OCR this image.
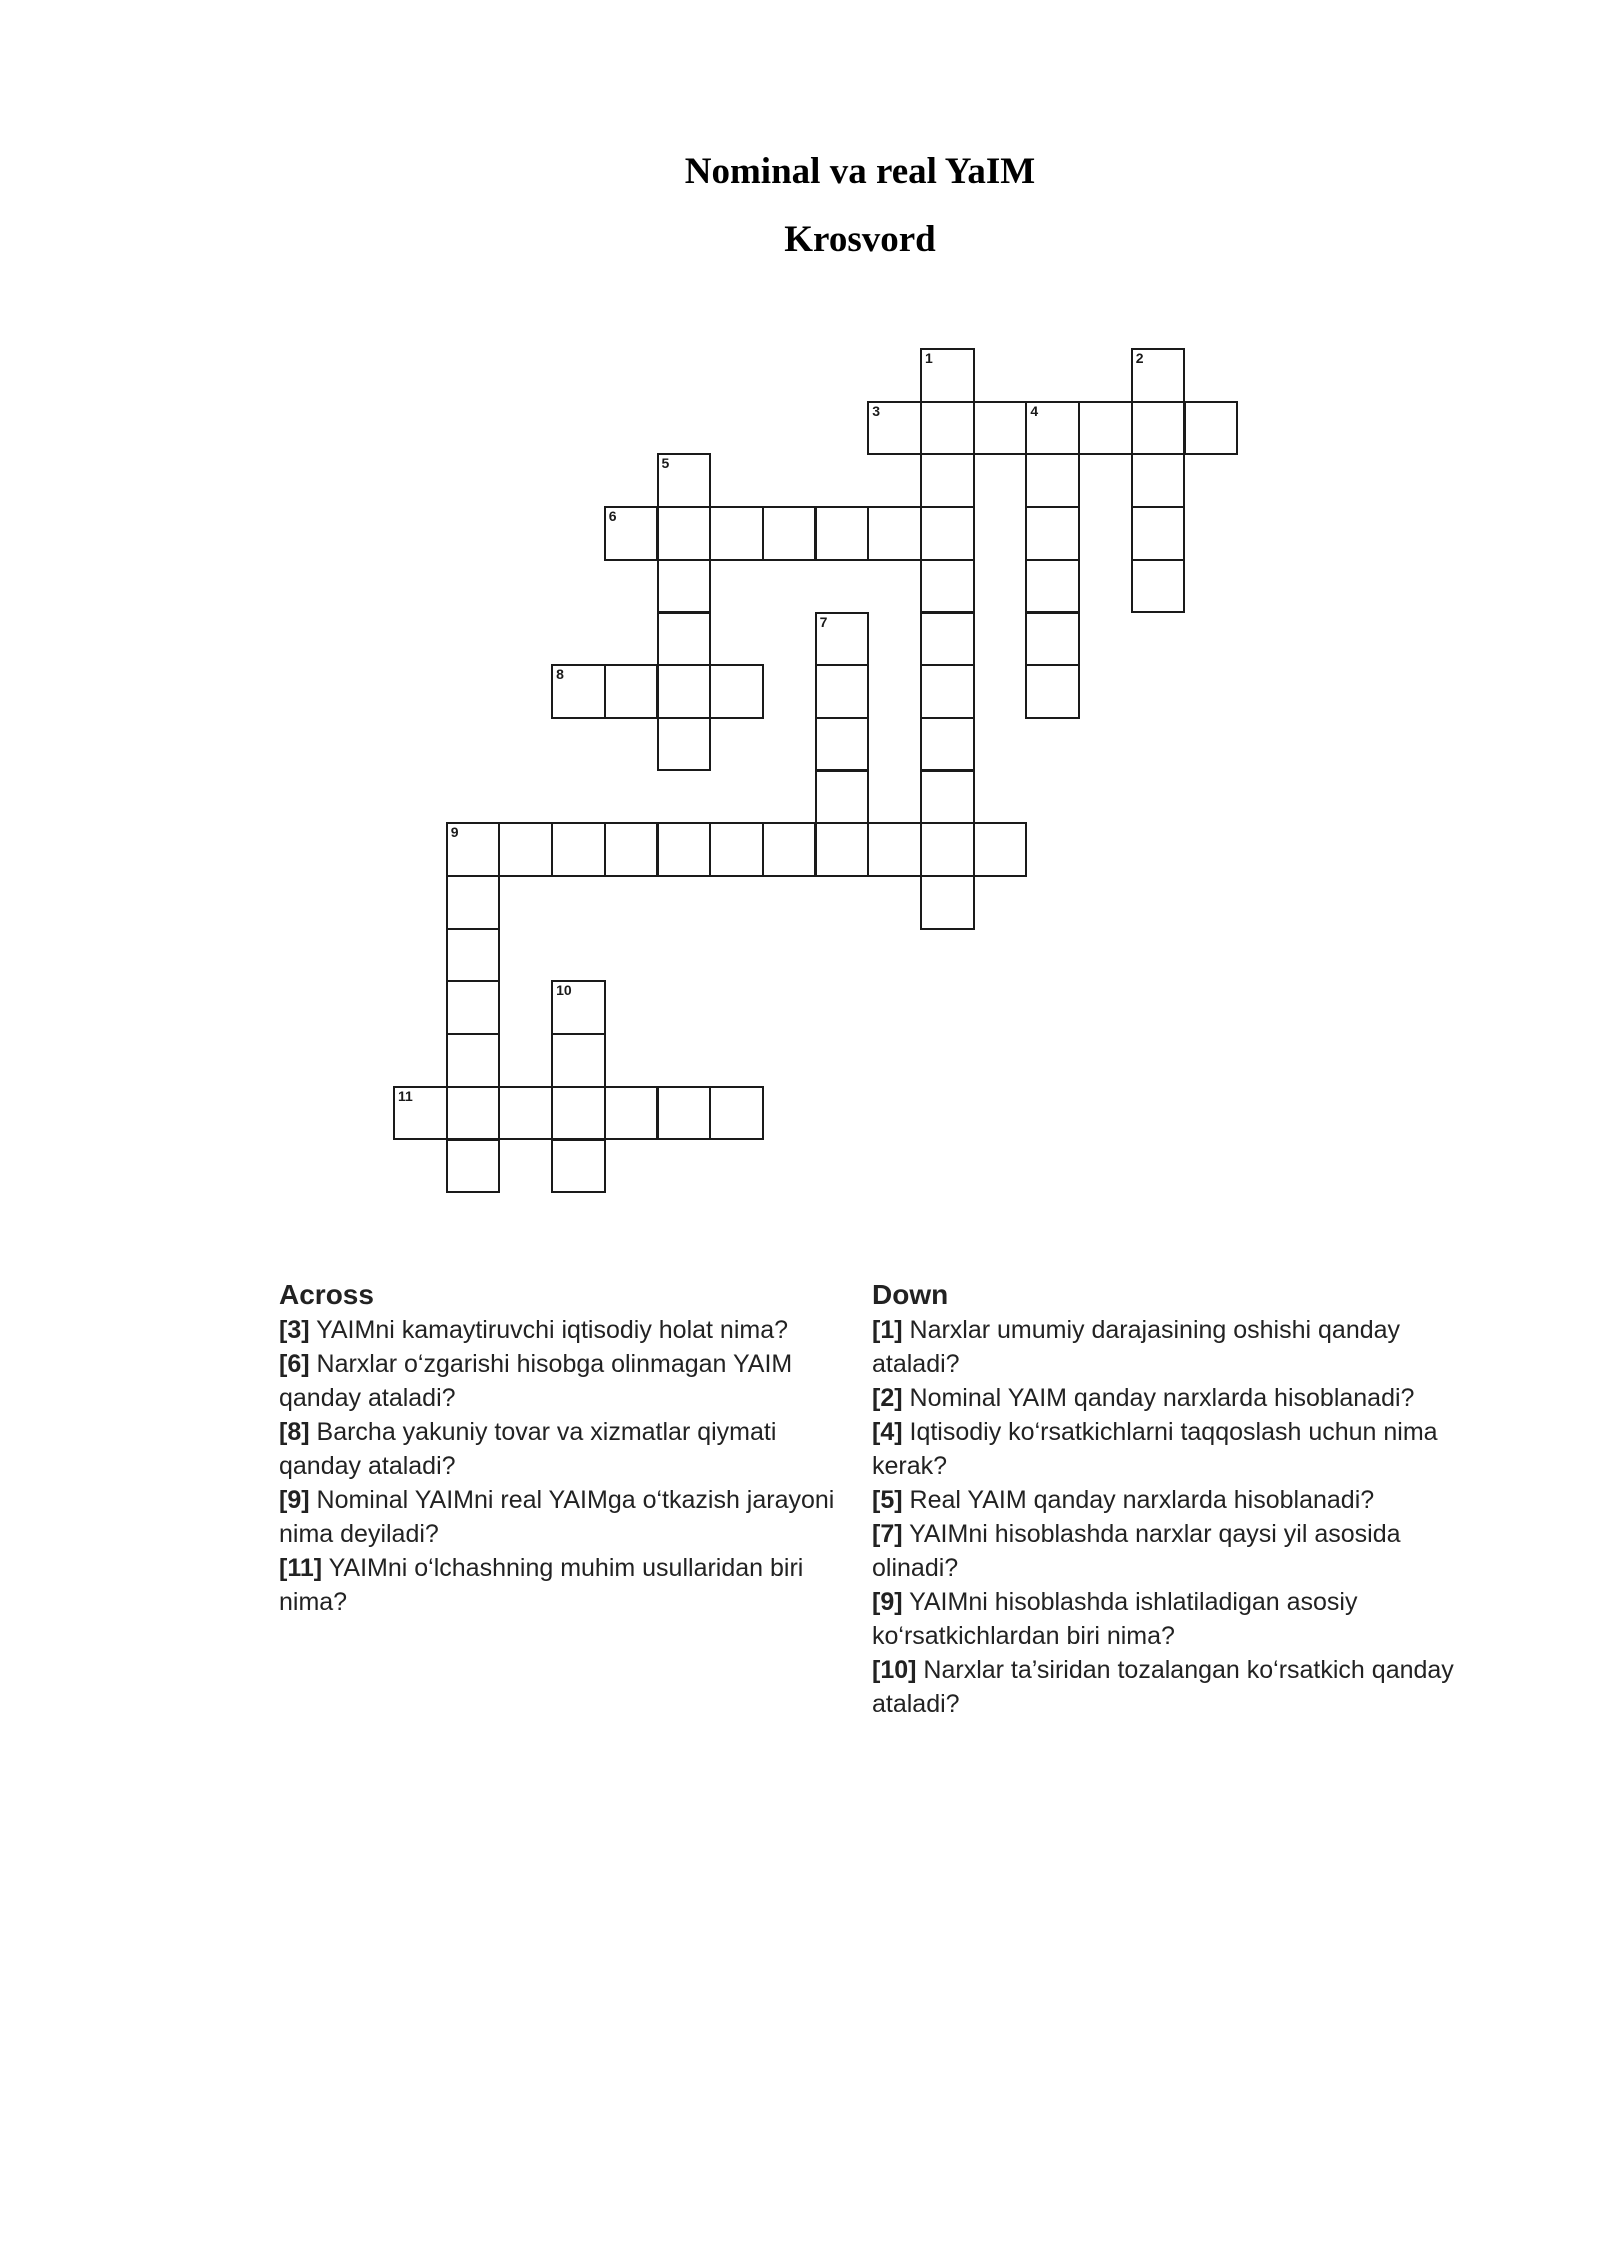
Nominal va real YaIM
Krosvord
1	2
3	4
5
6
7
8
9
10
11
Across

[3] YAIMni kamaytiruvchi iqtisodiy holat nima?

[6] Narxlar o‘zgarishi hisobga olinmagan YAIM qanday ataladi?

[8] Barcha yakuniy tovar va xizmatlar qiymati qanday ataladi?

[9] Nominal YAIMni real YAIMga o‘tkazish jarayoni nima deyiladi?

[11] YAIMni o‘lchashning muhim usullaridan biri nima?

Down

[1] Narxlar umumiy darajasining oshishi qanday ataladi?

[2] Nominal YAIM qanday narxlarda hisoblanadi?

[4] Iqtisodiy ko‘rsatkichlarni taqqoslash uchun nima kerak?

[5] Real YAIM qanday narxlarda hisoblanadi?

[7] YAIMni hisoblashda narxlar qaysi yil asosida olinadi?

[9] YAIMni hisoblashda ishlatiladigan asosiy ko‘rsatkichlardan biri nima?

[10] Narxlar ta’siridan tozalangan ko‘rsatkich qanday ataladi?
